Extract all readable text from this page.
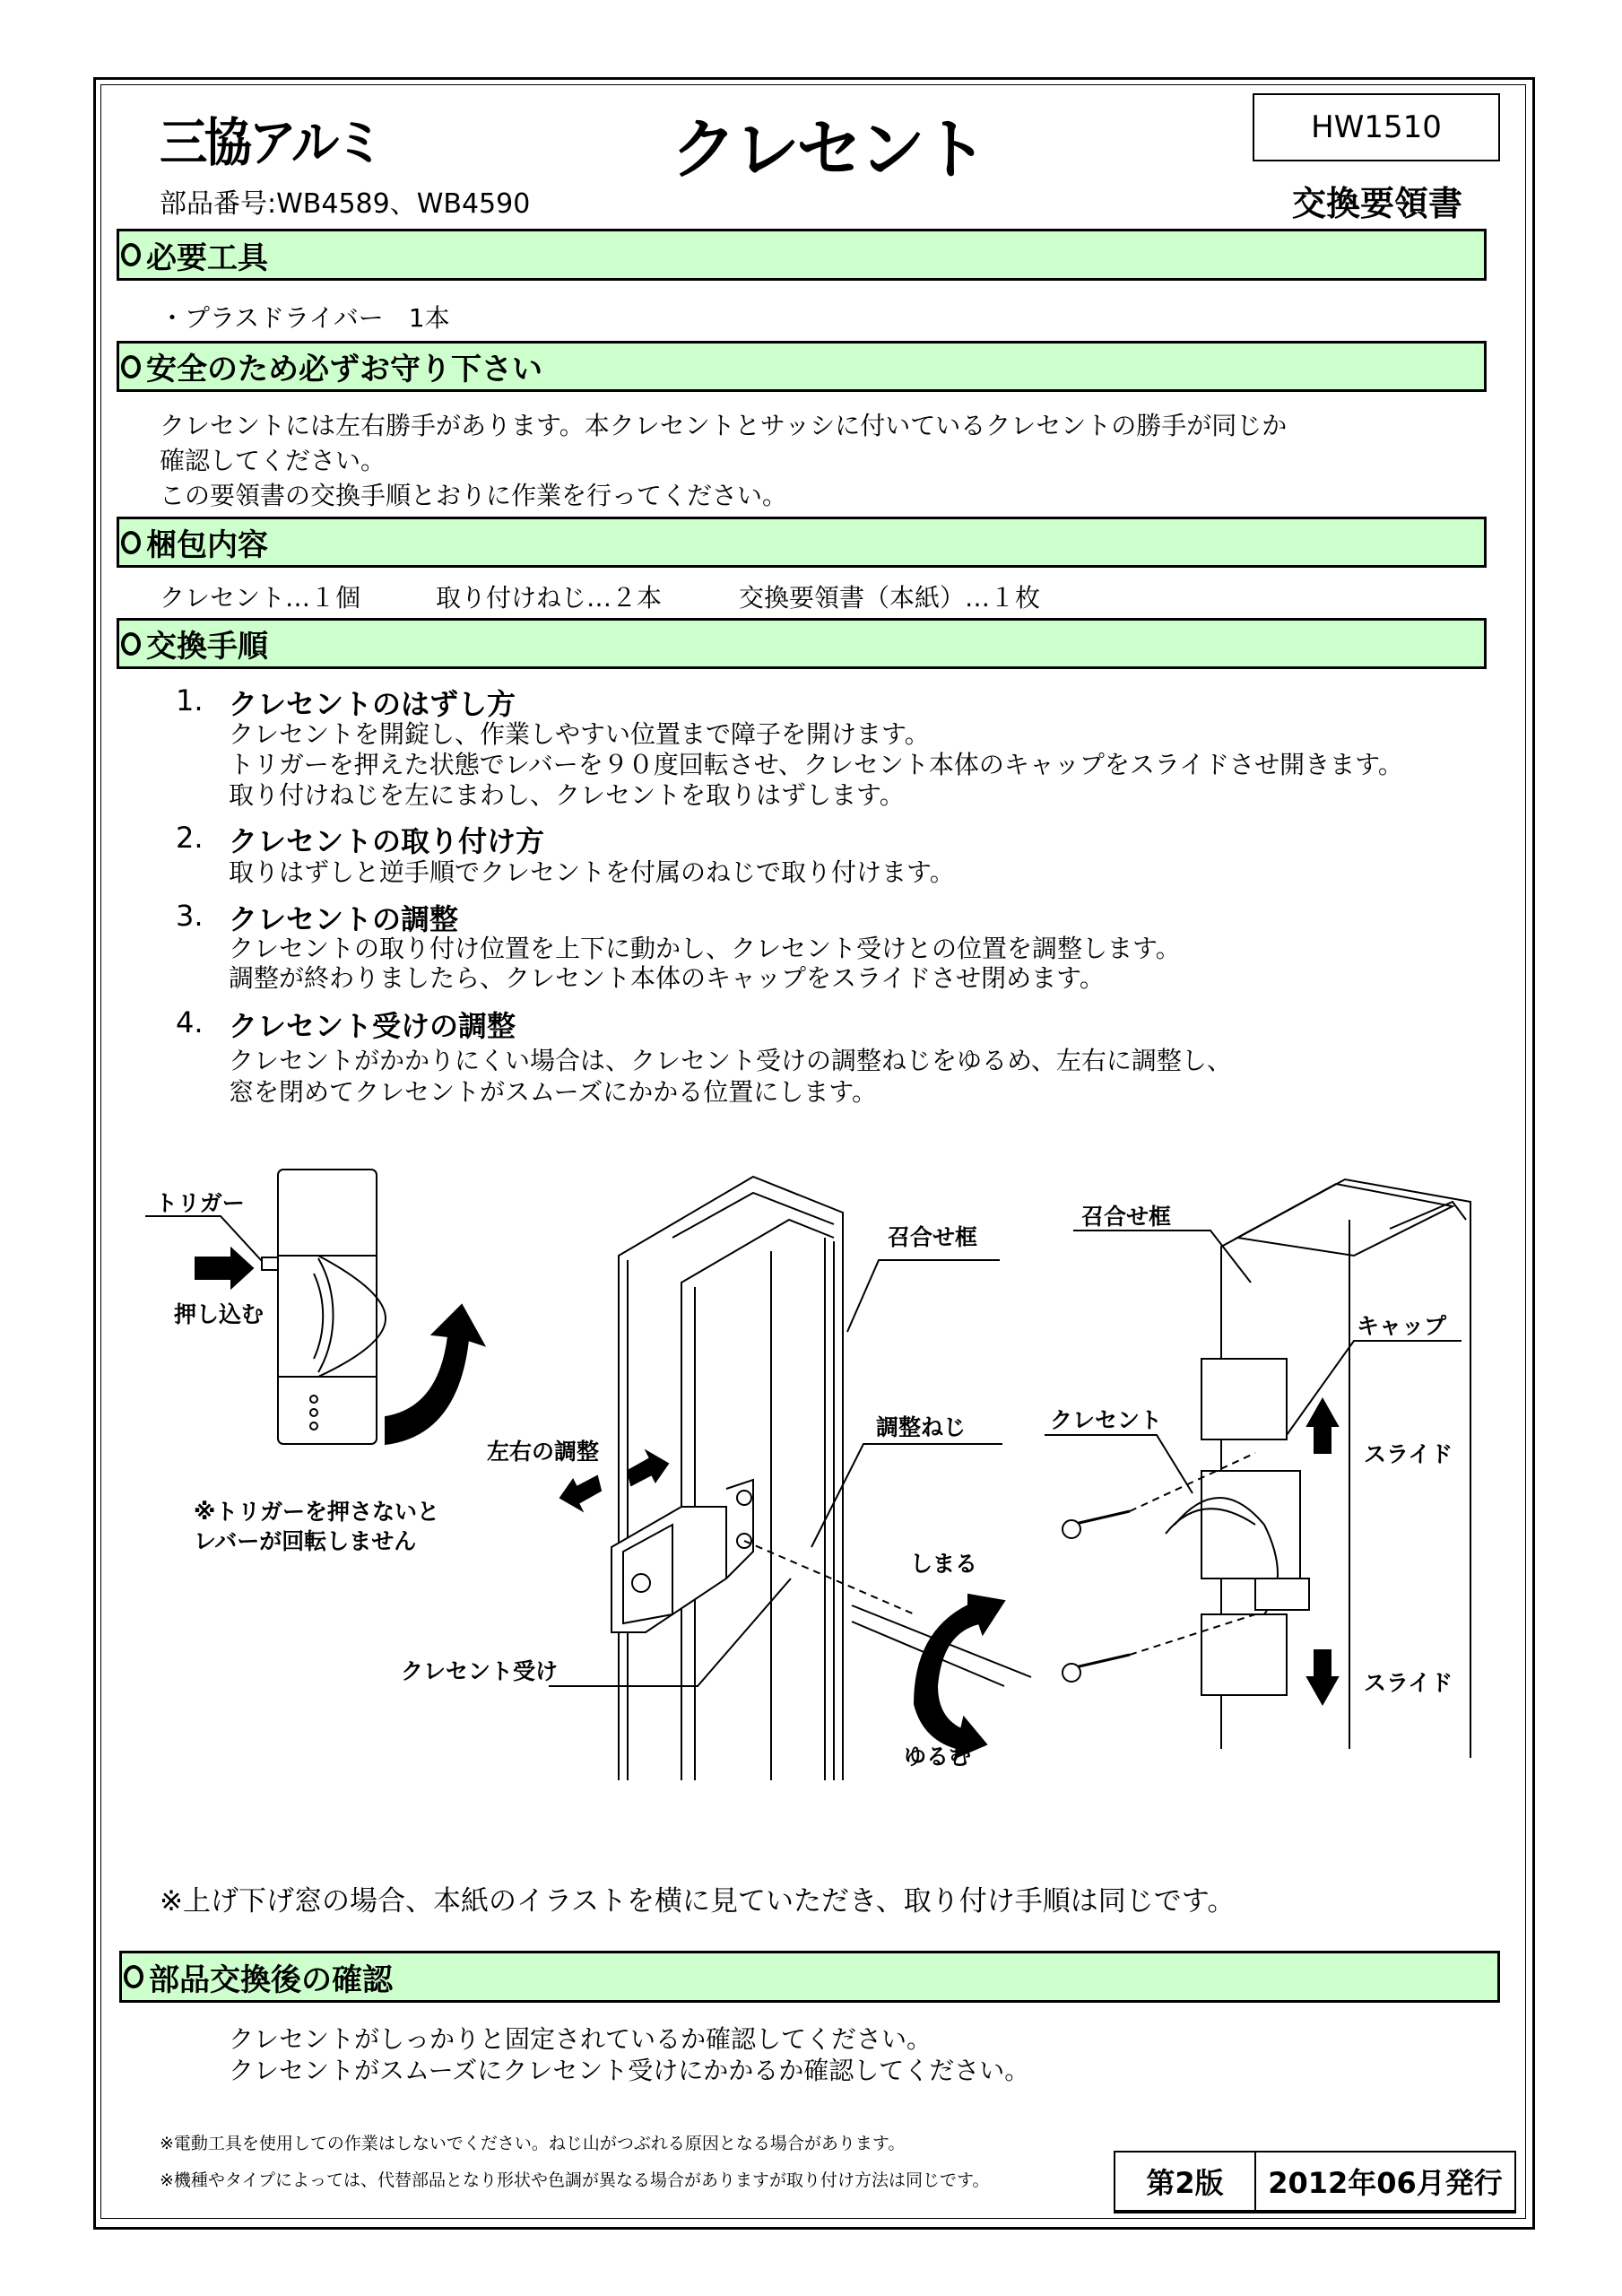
三協アルミ	クレセント	HW1510
部品番号:WB4589、WB4590	交換要領書
必要工具
・プラスドライバー　1本
安全のため必ずお守り下さい
クレセントには左右勝手があります。本クレセントとサッシに付いているクレセントの勝手が同じか
確認してください。
この要領書の交換手順とおりに作業を行ってください。
梱包内容
クレセント…１個	取り付けねじ…２本	交換要領書（本紙）…１枚
交換手順
1. クレセントのはずし方
クレセントを開錠し、作業しやすい位置まで障子を開けます。
トリガーを押えた状態でレバーを９０度回転させ、クレセント本体のキャップをスライドさせ開きます。
取り付けねじを左にまわし、クレセントを取りはずします。
2. クレセントの取り付け方
取りはずしと逆手順でクレセントを付属のねじで取り付けます。
3. クレセントの調整
クレセントの取り付け位置を上下に動かし、クレセント受けとの位置を調整します。
調整が終わりましたら、クレセント本体のキャップをスライドさせ閉めます。
4. クレセント受けの調整
クレセントがかかりにくい場合は、クレセント受けの調整ねじをゆるめ、左右に調整し、
窓を閉めてクレセントがスムーズにかかる位置にします。
トリガー
押し込む
※トリガーを押さないと
レバーが回転しません
左右の調整
クレセント受け
召合せ框
調整ねじ
しまる
ゆるむ
召合せ框
キャップ
クレセント
スライド
スライド
※上げ下げ窓の場合、本紙のイラストを横に見ていただき、取り付け手順は同じです。
部品交換後の確認
クレセントがしっかりと固定されているか確認してください。
クレセントがスムーズにクレセント受けにかかるか確認してください。
※電動工具を使用しての作業はしないでください。ねじ山がつぶれる原因となる場合があります。
※機種やタイプによっては、代替部品となり形状や色調が異なる場合がありますが取り付け方法は同じです。	第2版	2012年06月発行
